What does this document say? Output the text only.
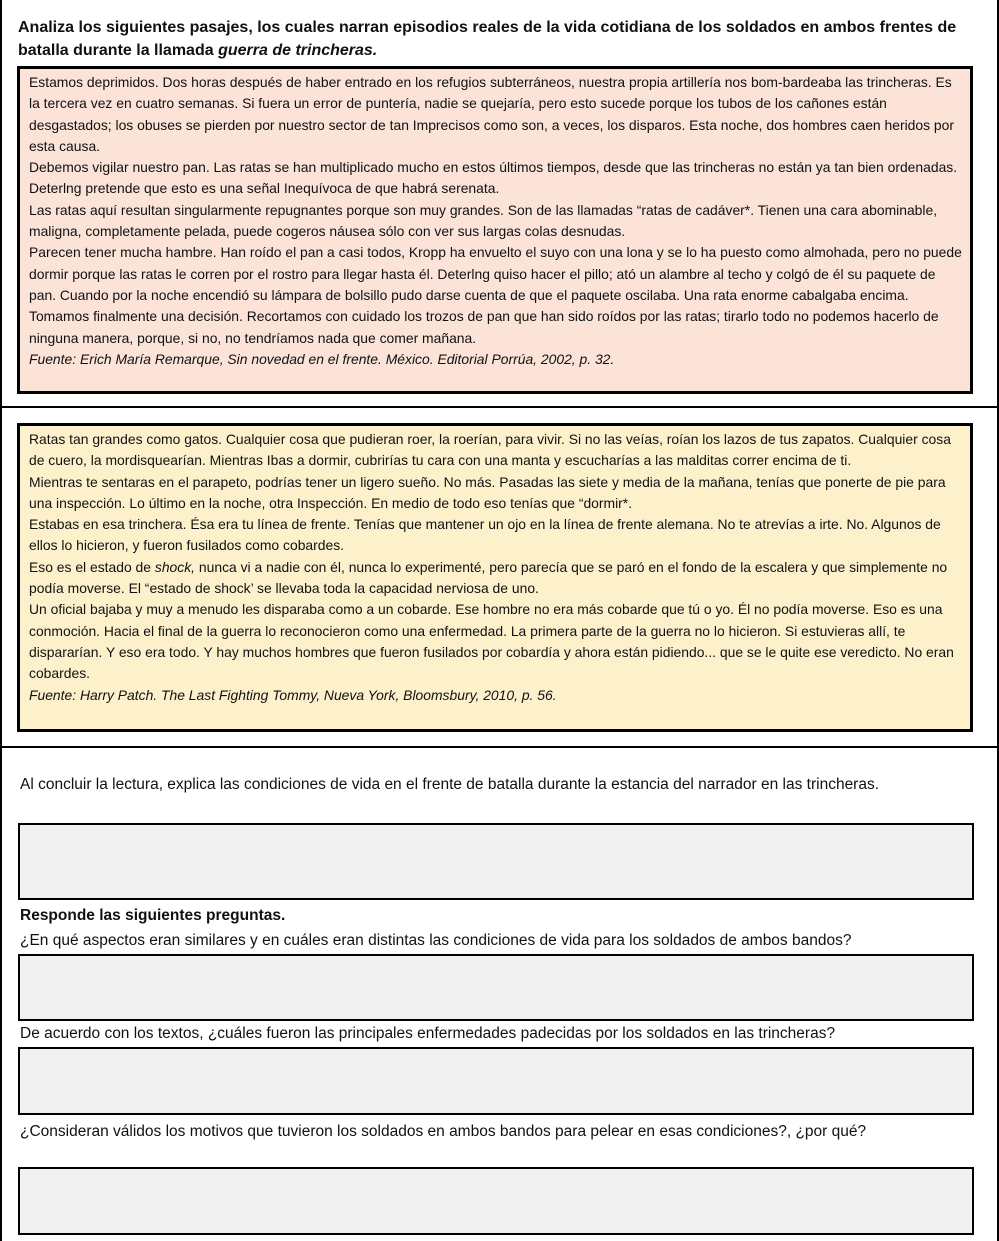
Analiza los siguientes pasajes, los cuales narran episodios reales de la vida cotidiana de los soldados en ambos frentes de batalla durante la llamada guerra de trincheras.

Estamos deprimidos. Dos horas después de haber entrado en los refugios subterráneos, nuestra propia artillería nos bom-bardeaba las trincheras. Es la tercera vez en cuatro semanas. Si fuera un error de puntería, nadie se quejaría, pero esto sucede porque los tubos de los cañones están desgastados; los obuses se pierden por nuestro sector de tan Imprecisos como son, a veces, los disparos. Esta noche, dos hombres caen heridos por esta causa.

Debemos vigilar nuestro pan. Las ratas se han multiplicado mucho en estos últimos tiempos, desde que las trincheras no están ya tan bien ordenadas. Deterlng pretende que esto es una señal Inequívoca de que habrá serenata.

Las ratas aquí resultan singularmente repugnantes porque son muy grandes. Son de las llamadas “ratas de cadáver*. Tienen una cara abominable, maligna, completamente pelada, puede cogeros náusea sólo con ver sus largas colas desnudas.

Parecen tener mucha hambre. Han roído el pan a casi todos, Kropp ha envuelto el suyo con una lona y se lo ha puesto como almohada, pero no puede dormir porque las ratas le corren por el rostro para llegar hasta él. Deterlng quiso hacer el pillo; ató un alambre al techo y colgó de él su paquete de pan. Cuando por la noche encendió su lámpara de bolsillo pudo darse cuenta de que el paquete oscilaba. Una rata enorme cabalgaba encima.

Tomamos finalmente una decisión. Recortamos con cuidado los trozos de pan que han sido roídos por las ratas; tirarlo todo no podemos hacerlo de ninguna manera, porque, si no, no tendríamos nada que comer mañana.

Fuente: Erich María Remarque, Sin novedad en el frente. México. Editorial Porrúa, 2002, p. 32.

Ratas tan grandes como gatos. Cualquier cosa que pudieran roer, la roerían, para vivir. Si no las veías, roían los lazos de tus zapatos. Cualquier cosa de cuero, la mordisquearían. Mientras Ibas a dormir, cubrirías tu cara con una manta y escucharías a las malditas correr encima de ti.

Mientras te sentaras en el parapeto, podrías tener un ligero sueño. No más. Pasadas las siete y media de la mañana, tenías que ponerte de pie para una inspección. Lo último en la noche, otra Inspección. En medio de todo eso tenías que “dormir*.

Estabas en esa trinchera. Ésa era tu línea de frente. Tenías que mantener un ojo en la línea de frente alemana. No te atrevías a irte. No. Algunos de ellos lo hicieron, y fueron fusilados como cobardes.

Eso es el estado de shock, nunca vi a nadie con él, nunca lo experimenté, pero parecía que se paró en el fondo de la escalera y que simplemente no podía moverse. El “estado de shock’ se llevaba toda la capacidad nerviosa de uno.

Un oficial bajaba y muy a menudo les disparaba como a un cobarde. Ese hombre no era más cobarde que tú o yo. Él no podía moverse. Eso es una conmoción. Hacia el final de la guerra lo reconocieron como una enfermedad. La primera parte de la guerra no lo hicieron. Si estuvieras allí, te dispararían. Y eso era todo. Y hay muchos hombres que fueron fusilados por cobardía y ahora están pidiendo... que se le quite ese veredicto. No eran cobardes.

Fuente: Harry Patch. The Last Fighting Tommy, Nueva York, Bloomsbury, 2010, p. 56.

Al concluir la lectura, explica las condiciones de vida en el frente de batalla durante la estancia del narrador en las trincheras.
Responde las siguientes preguntas.
¿En qué aspectos eran similares y en cuáles eran distintas las condiciones de vida para los soldados de ambos bandos?
De acuerdo con los textos, ¿cuáles fueron las principales enfermedades padecidas por los soldados en las trincheras?
¿Consideran válidos los motivos que tuvieron los soldados en ambos bandos para pelear en esas condiciones?, ¿por qué?
